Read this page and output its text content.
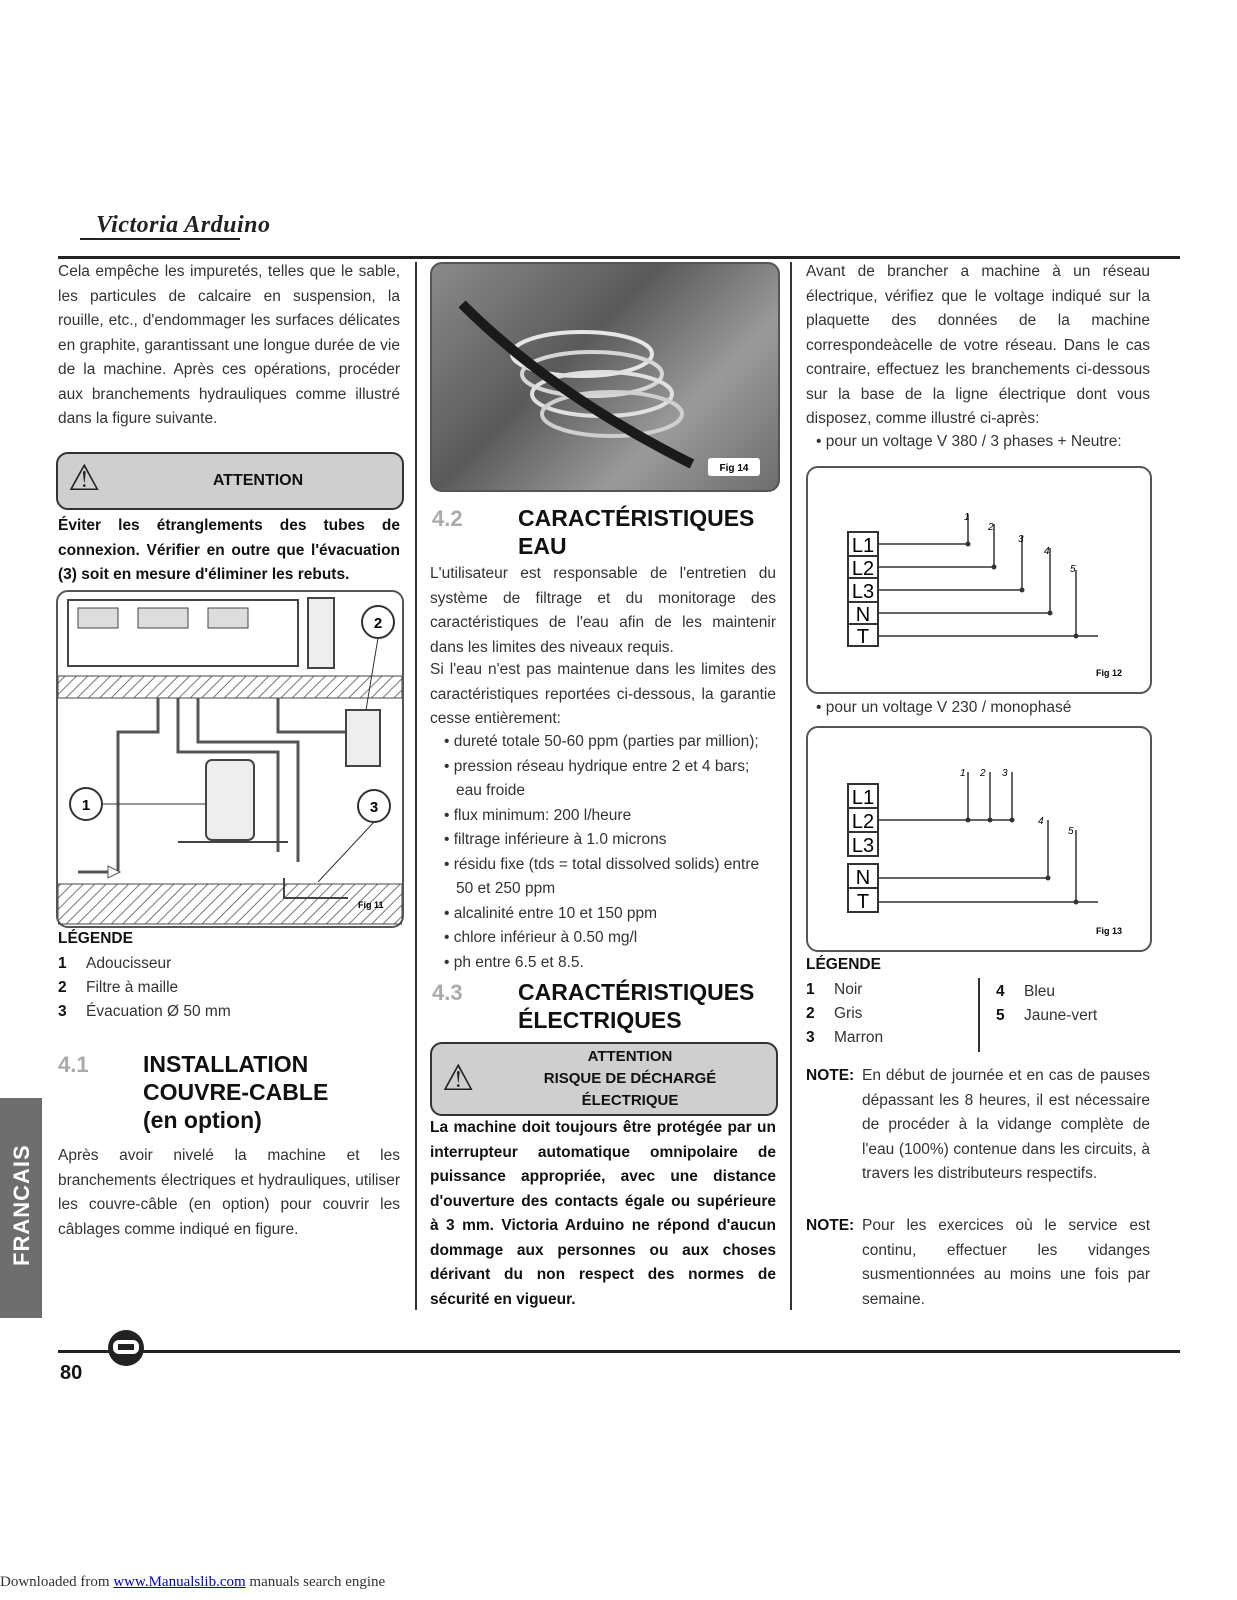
Victoria Arduino
Cela empêche les impuretés, telles que le sable, les particules de calcaire en suspension, la rouille, etc., d'endommager les surfaces délicates en graphite, garantissant une longue durée de vie de la machine. Après ces opérations, procéder aux branchements hydrauliques comme illustré dans la figure suivante.
⚠	ATTENTION
Éviter les étranglements des tubes de connexion. Vérifier en outre que l'évacuation (3) soit en mesure d'éliminer les rebuts.
2
1	3
Fig 11
LÉGENDE
1 Adoucisseur
2 Filtre à maille
3 Évacuation Ø 50 mm
4.1 INSTALLATION
COUVRE-CABLE
(en option)
Après avoir nivelé la machine et les branchements électriques et hydrauliques, utiliser les couvre-câble (en option) pour couvrir les câblages comme indiqué en figure.
Fig 14
4.2 CARACTÉRISTIQUES
EAU
L'utilisateur est responsable de l'entretien du système de filtrage et du monitorage des caractéristiques de l'eau afin de les maintenir dans les limites des niveaux requis.
Si l'eau n'est pas maintenue dans les limites des caractéristiques reportées ci-dessous, la garantie cesse entièrement:
• dureté totale 50-60 ppm (parties par million);
• pression réseau hydrique entre 2 et 4 bars; eau froide
• flux minimum: 200 l/heure
• filtrage inférieure à 1.0 microns
• résidu fixe (tds = total dissolved solids) entre 50 et 250 ppm
• alcalinité entre 10 et 150 ppm
• chlore inférieur à 0.50 mg/l
• ph entre 6.5 et 8.5.
4.3 CARACTÉRISTIQUES
ÉLECTRIQUES
⚠
ATTENTION
RISQUE DE DÉCHARGÉ
ÉLECTRIQUE
La machine doit toujours être protégée par un interrupteur automatique omnipolaire de puissance appropriée, avec une distance d'ouverture des contacts égale ou supérieure à 3 mm. Victoria Arduino ne répond d'aucun dommage aux personnes ou aux choses dérivant du non respect des normes de sécurité en vigueur.
Avant de brancher a machine à un réseau électrique, vérifiez que le voltage indiqué sur la plaquette des données de la machine correspondeàcelle de votre réseau. Dans le cas contraire, effectuez les branchements ci-dessous sur la base de la ligne électrique dont vous disposez, comme illustré ci-après:
• pour un voltage V 380 / 3 phases + Neutre:
L1
L2
L3
N
T
1
2
3
4
5
Fig 12
• pour un voltage V 230 / monophasé
L1
L2
L3
N
T
1 2 3
4
5
Fig 13
LÉGENDE
1 Noir
2 Gris
3 Marron
4 Bleu
5 Jaune-vert
NOTE: En début de journée et en cas de pauses dépassant les 8 heures, il est nécessaire de procéder à la vidange complète de l'eau (100%) contenue dans les circuits, à travers les distributeurs respectifs.
NOTE: Pour les exercices où le service est continu, effectuer les vidanges susmentionnées au moins une fois par semaine.
FRANCAIS
80
Downloaded from www.Manualslib.com manuals search engine
